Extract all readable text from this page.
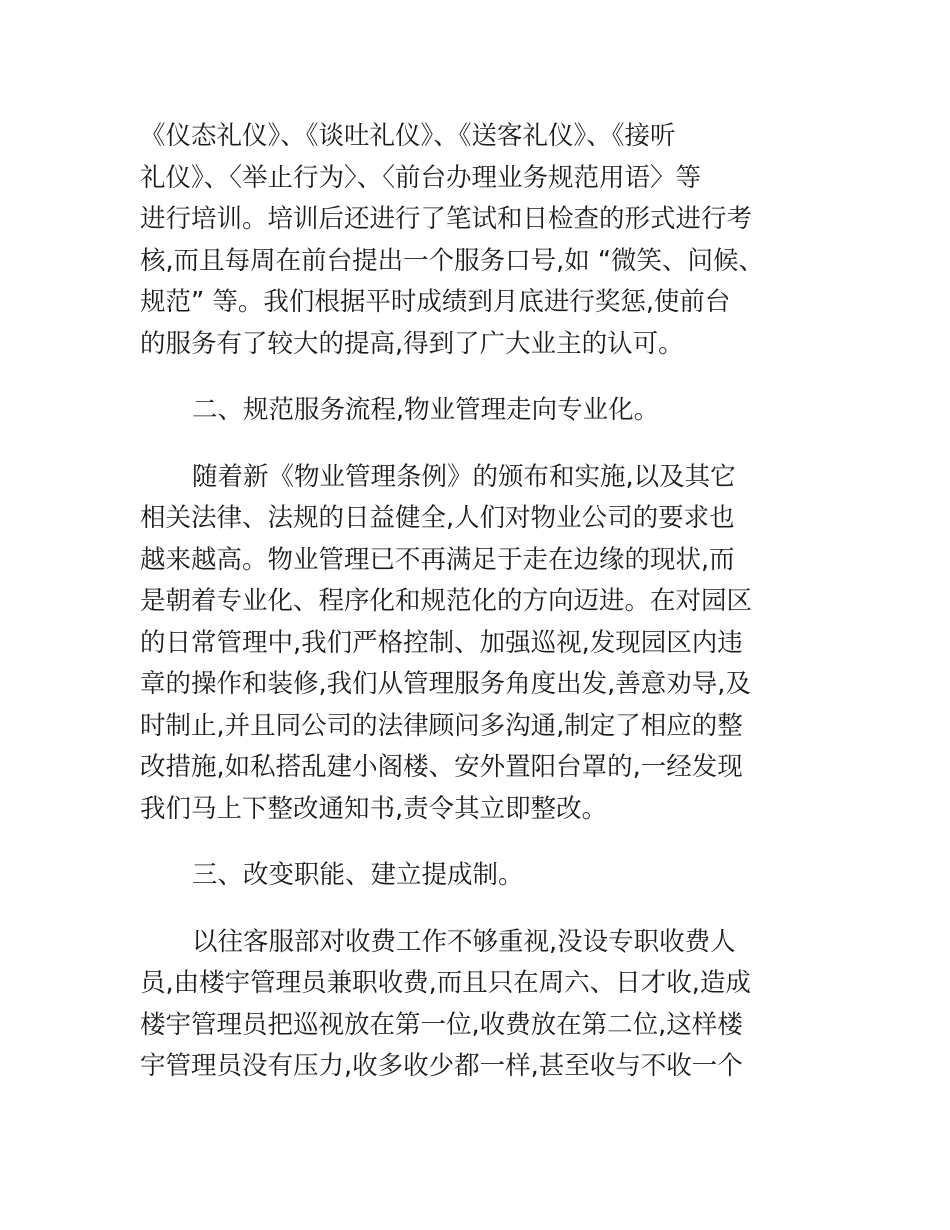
《仪态礼仪》、《谈吐礼仪》、《送客礼仪》、《接听
礼仪》、〈举止行为〉、〈前台办理业务规范用语〉等
进行培训。培训后还进行了笔试和日检查的形式进行考
核,而且每周在前台提出一个服务口号,如 “微笑、问候、
规范” 等。我们根据平时成绩到月底进行奖惩,使前台
的服务有了较大的提高,得到了广大业主的认可。
二、规范服务流程,物业管理走向专业化。
随着新《物业管理条例》的颁布和实施,以及其它
相关法律、法规的日益健全,人们对物业公司的要求也
越来越高。物业管理已不再满足于走在边缘的现状,而
是朝着专业化、程序化和规范化的方向迈进。在对园区
的日常管理中,我们严格控制、加强巡视,发现园区内违
章的操作和装修,我们从管理服务角度出发,善意劝导,及
时制止,并且同公司的法律顾问多沟通,制定了相应的整
改措施,如私搭乱建小阁楼、安外置阳台罩的,一经发现
我们马上下整改通知书,责令其立即整改。
三、改变职能、建立提成制。
以往客服部对收费工作不够重视,没设专职收费人
员,由楼宇管理员兼职收费,而且只在周六、日才收,造成
楼宇管理员把巡视放在第一位,收费放在第二位,这样楼
宇管理员没有压力,收多收少都一样,甚至收与不收一个
